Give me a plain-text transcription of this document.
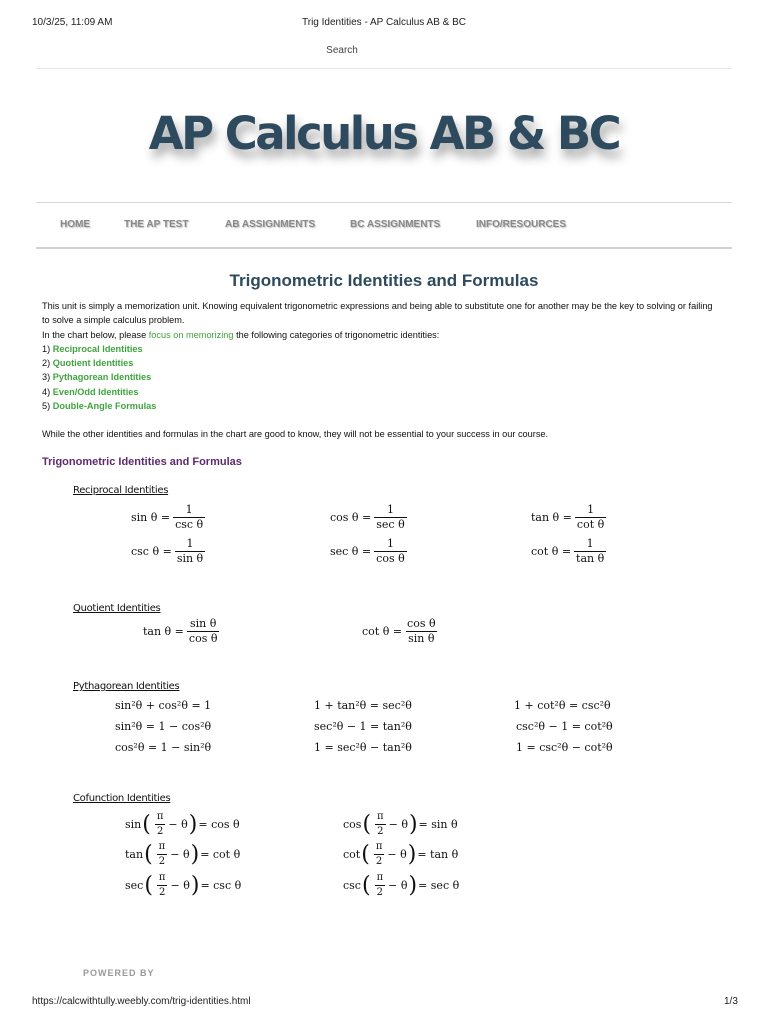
10/3/25, 11:09 AM	Trig Identities - AP Calculus AB & BC
Search
AP Calculus AB & BC
HOME	THE AP TEST	AB ASSIGNMENTS	BC ASSIGNMENTS	INFO/RESOURCES
Trigonometric Identities and Formulas
This unit is simply a memorization unit. Knowing equivalent trigonometric expressions and being able to substitute one for another may be the key to solving or failing to solve a simple calculus problem.
In the chart below, please focus on memorizing the following categories of trigonometric identities:
1) Reciprocal Identities
2) Quotient Identities
3) Pythagorean Identities
4) Even/Odd Identities
5) Double-Angle Formulas
While the other identities and formulas in the chart are good to know, they will not be essential to your success in our course.
Trigonometric Identities and Formulas
Reciprocal Identities
$\sin \theta = \frac{1}{\text{csc θ}}$	$\cos \theta = \frac{1}{\text{sec θ}}$	$\tan \theta = \frac{1}{\text{cot θ}}$
$\csc \theta = \frac{1}{\text{sin θ}}$	$\sec \theta = \frac{1}{\text{cos θ}}$	$\cot \theta = \frac{1}{\text{tan θ}}$
Quotient Identities
$\tan \theta = \frac{\text{sin θ}}{\text{cos θ}}$	$\cot \theta = \frac{\text{cos θ}}{\text{sin θ}}$
Pythagorean Identities
sin²θ + cos²θ = 1	1 + tan²θ = sec²θ	1 + cot²θ = csc²θ
sin²θ = 1 − cos²θ	sec²θ − 1 = tan²θ	csc²θ − 1 = cot²θ
cos²θ = 1 − sin²θ	1 = sec²θ − tan²θ	1 = csc²θ − cot²θ
Cofunction Identities
sin ( $\frac{\pi}{2} - \theta$ ) = cos θ	cos ( $\frac{\pi}{2} - \theta$ ) = sin θ
tan ( $\frac{\pi}{2} - \theta$ ) = cot θ	cot ( $\frac{\pi}{2} - \theta$ ) = tan θ
sec ( $\frac{\pi}{2} - \theta$ ) = csc θ	csc ( $\frac{\pi}{2} - \theta$ ) = sec θ
POWERED BY
https://calcwithtully.weebly.com/trig-identities.html	1/3
